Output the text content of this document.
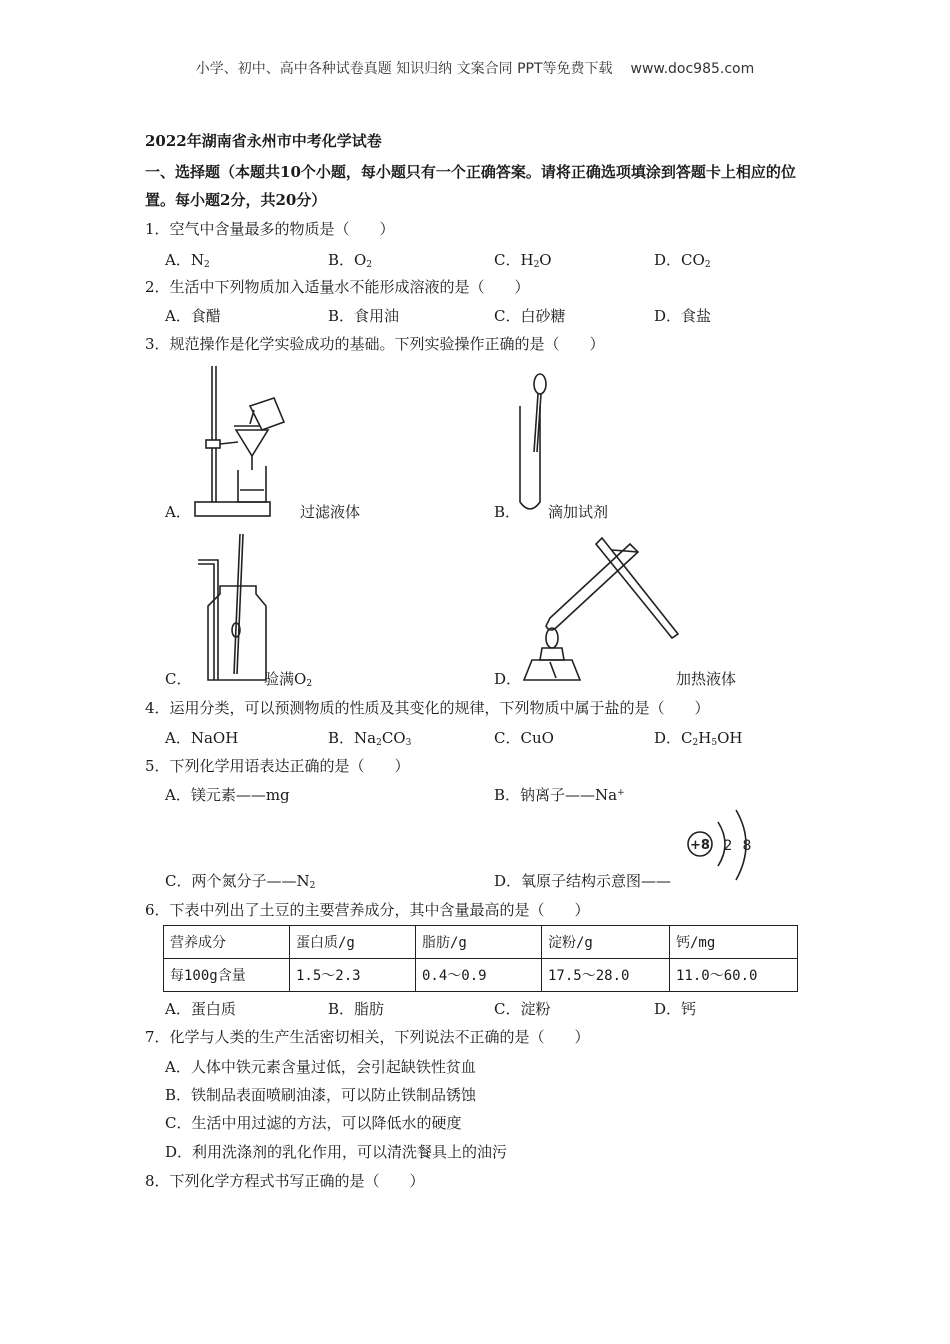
小学、初中、高中各种试卷真题 知识归纳 文案合同 PPT等免费下载 www.doc985.com
2022年湖南省永州市中考化学试卷
一、选择题（本题共10个小题，每小题只有一个正确答案。请将正确选项填涂到答题卡上相应的位置。每小题2分，共20分）
1．空气中含量最多的物质是（　　）
A．$N_2$	B．$O_2$	C．$H_2O$	D．$CO_2$
2．生活中下列物质加入适量水不能形成溶液的是（　　）
A．食醋	B．食用油	C．白砂糖	D．食盐
3．规范操作是化学实验成功的基础。下列实验操作正确的是（　　）
A．	过滤液体	B． 滴加试剂
C．	验满$O_2$	D．	加热液体
4．运用分类，可以预测物质的性质及其变化的规律，下列物质中属于盐的是（　　）
A．NaOH	B．$Na_2CO_3$	C．CuO	D．$C_2H_5OH$
5．下列化学用语表达正确的是（　　）
A．镁元素——mg	B．钠离子——Na+
C．两个氮分子$——N_2$	D．氧原子结构示意图——
+8 2 8
6．下表中列出了土豆的主要营养成分，其中含量最高的是（　　）
营养成分	蛋白质/g	脂肪/g	淀粉/g	钙/mg
每100g含量	1.5～2.3	0.4～0.9	17.5～28.0	11.0～60.0
A．蛋白质	B．脂肪	C．淀粉	D．钙
7．化学与人类的生产生活密切相关，下列说法不正确的是（　　）
A．人体中铁元素含量过低，会引起缺铁性贫血
B．铁制品表面喷刷油漆，可以防止铁制品锈蚀
C．生活中用过滤的方法，可以降低水的硬度
D．利用洗涤剂的乳化作用，可以清洗餐具上的油污
8．下列化学方程式书写正确的是（　　）
